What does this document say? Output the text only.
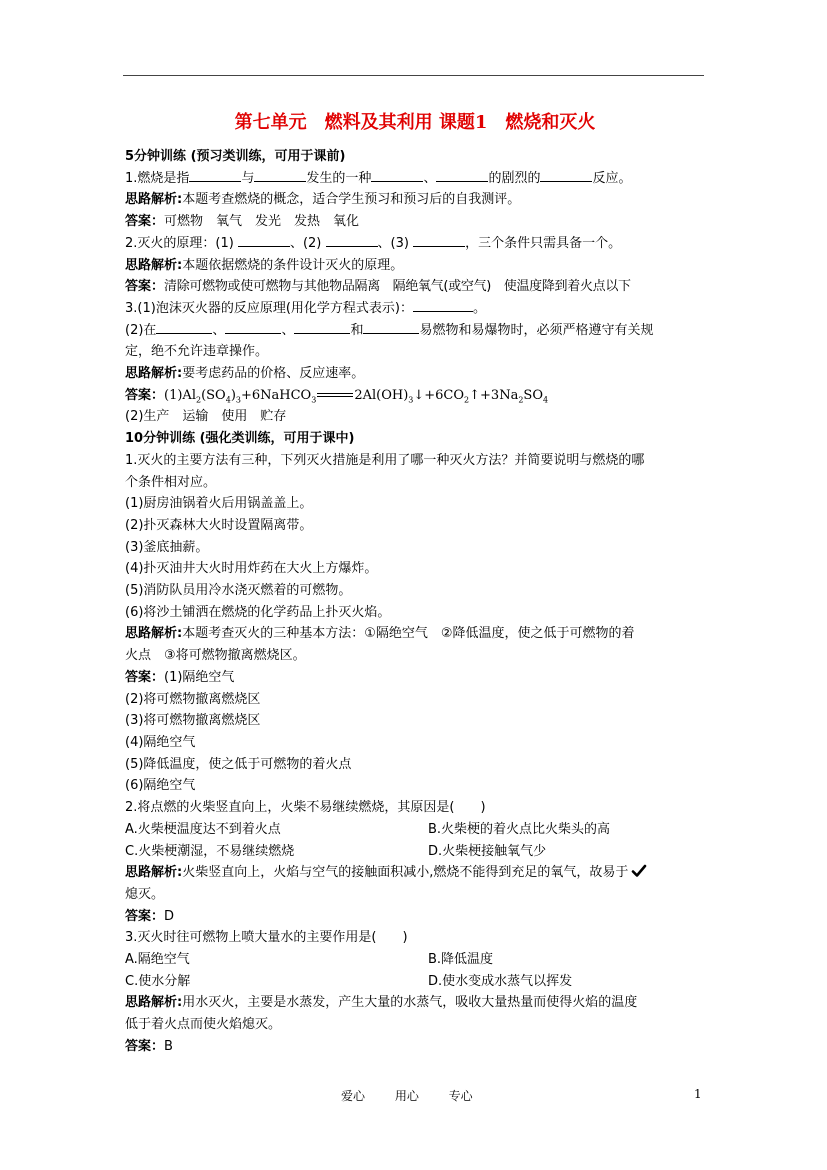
第七单元　燃料及其利用 课题1　燃烧和灭火
5分钟训练 (预习类训练，可用于课前)
1.燃烧是指	与	发生的一种	、	的剧烈的	反应。
思路解析:本题考查燃烧的概念，适合学生预习和预习后的自我测评。
答案：可燃物　氧气　发光　发热　氧化
2.灭火的原理：(1)	、(2)	、(3)	，三个条件只需具备一个。
思路解析:本题依据燃烧的条件设计灭火的原理。
答案：清除可燃物或使可燃物与其他物品隔离　隔绝氧气(或空气)　使温度降到着火点以下
3.(1)泡沫灭火器的反应原理(用化学方程式表示)：	。
(2)在	、	、	和	易燃物和易爆物时，必须严格遵守有关规
定，绝不允许违章操作。
思路解析:要考虑药品的价格、反应速率。
答案：$(1)Al_2(SO_4)_3+6NaHCO_3$	$2Al(OH)_3↓+6CO_2↑+3Na_2SO_4$
(2)生产　运输　使用　贮存
10分钟训练 (强化类训练，可用于课中)
1.灭火的主要方法有三种，下列灭火措施是利用了哪一种灭火方法？并简要说明与燃烧的哪
个条件相对应。
(1)厨房油锅着火后用锅盖盖上。
(2)扑灭森林大火时设置隔离带。
(3)釜底抽薪。
(4)扑灭油井大火时用炸药在大火上方爆炸。
(5)消防队员用冷水浇灭燃着的可燃物。
(6)将沙土铺洒在燃烧的化学药品上扑灭火焰。
思路解析:本题考查灭火的三种基本方法：①隔绝空气　②降低温度，使之低于可燃物的着
火点　③将可燃物撤离燃烧区。
答案：(1)隔绝空气
(2)将可燃物撤离燃烧区
(3)将可燃物撤离燃烧区
(4)隔绝空气
(5)降低温度，使之低于可燃物的着火点
(6)隔绝空气
2.将点燃的火柴竖直向上，火柴不易继续燃烧，其原因是(　　)
A.火柴梗温度达不到着火点	B.火柴梗的着火点比火柴头的高
C.火柴梗潮湿，不易继续燃烧	D.火柴梗接触氧气少
思路解析:火柴竖直向上，火焰与空气的接触面积减小,燃烧不能得到充足的氧气，故易于
熄灭。
答案：D
3.灭火时往可燃物上喷大量水的主要作用是(　　)
A.隔绝空气	B.降低温度
C.使水分解	D.使水变成水蒸气以挥发
思路解析:用水灭火，主要是水蒸发，产生大量的水蒸气，吸收大量热量而使得火焰的温度
低于着火点而使火焰熄灭。
答案：B
爱心　 用心　 专心	1
